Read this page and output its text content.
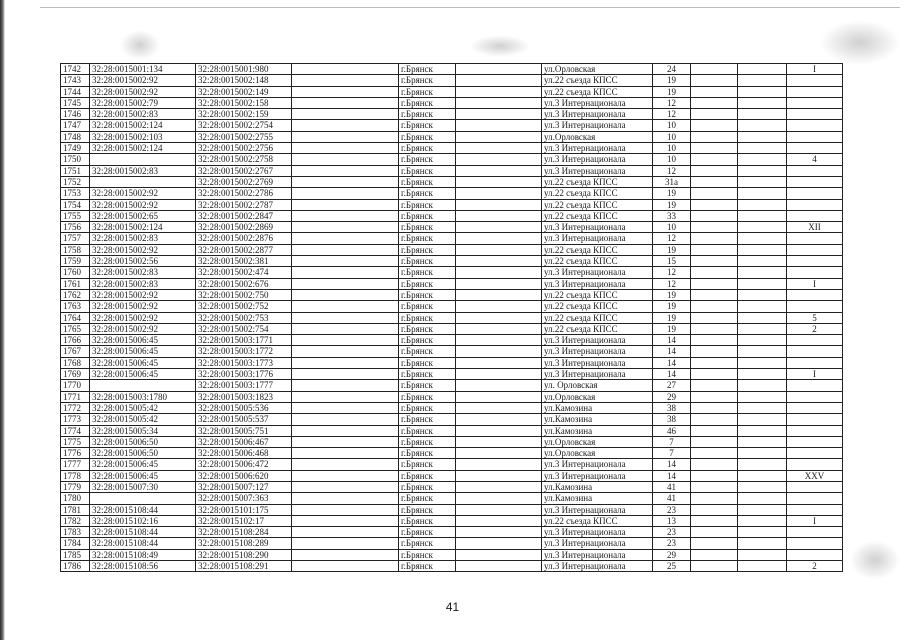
1742	32:28:0015001:134	32:28:0015001:980		г.Брянск		ул.Орловская	24			I
1743	32:28:0015002:92	32:28:0015002:148		г.Брянск		ул.22 съезда КПСС	19			
1744	32:28:0015002:92	32:28:0015002:149		г.Брянск		ул.22 съезда КПСС	19			
1745	32:28:0015002:79	32:28:0015002:158		г.Брянск		ул.3 Интернационала	12			
1746	32:28:0015002:83	32:28:0015002:159		г.Брянск		ул.3 Интернационала	12			
1747	32:28:0015002:124	32:28:0015002:2754		г.Брянск		ул.3 Интернационала	10			
1748	32:28:0015002:103	32:28:0015002:2755		г.Брянск		ул.Орловская	10			
1749	32:28:0015002:124	32:28:0015002:2756		г.Брянск		ул.3 Интернационала	10			
1750		32:28:0015002:2758		г.Брянск		ул.3 Интернационала	10			4
1751	32:28:0015002:83	32:28:0015002:2767		г.Брянск		ул.3 Интернационала	12			
1752		32:28:0015002:2769		г.Брянск		ул.22 съезда КПСС	31а			
1753	32:28:0015002:92	32:28:0015002:2786		г.Брянск		ул.22 съезда КПСС	19			
1754	32:28:0015002:92	32:28:0015002:2787		г.Брянск		ул.22 съезда КПСС	19			
1755	32:28:0015002:65	32:28:0015002:2847		г.Брянск		ул.22 съезда КПСС	33			
1756	32:28:0015002:124	32:28:0015002:2869		г.Брянск		ул.3 Интернационала	10			XII
1757	32:28:0015002:83	32:28:0015002:2876		г.Брянск		ул.3 Интернационала	12			
1758	32:28:0015002:92	32:28:0015002:2877		г.Брянск		ул.22 съезда КПСС	19			
1759	32:28:0015002:56	32:28:0015002:381		г.Брянск		ул.22 съезда КПСС	15			
1760	32:28:0015002:83	32:28:0015002:474		г.Брянск		ул.3 Интернационала	12			
1761	32:28:0015002:83	32:28:0015002:676		г.Брянск		ул.3 Интернационала	12			I
1762	32:28:0015002:92	32:28:0015002:750		г.Брянск		ул.22 съезда КПСС	19			
1763	32:28:0015002:92	32:28:0015002:752		г.Брянск		ул.22 съезда КПСС	19			
1764	32:28:0015002:92	32:28:0015002:753		г.Брянск		ул.22 съезда КПСС	19			5
1765	32:28:0015002:92	32:28:0015002:754		г.Брянск		ул.22 съезда КПСС	19			2
1766	32:28:0015006:45	32:28:0015003:1771		г.Брянск		ул.3 Интернационала	14			
1767	32:28:0015006:45	32:28:0015003:1772		г.Брянск		ул.3 Интернационала	14			
1768	32:28:0015006:45	32:28:0015003:1773		г.Брянск		ул.3 Интернационала	14			
1769	32:28:0015006:45	32:28:0015003:1776		г.Брянск		ул.3 Интернационала	14			I
1770		32:28:0015003:1777		г.Брянск		ул. Орловская	27			
1771	32:28:0015003:1780	32:28:0015003:1823		г.Брянск		ул.Орловская	29			
1772	32:28:0015005:42	32:28:0015005:536		г.Брянск		ул.Камозина	38			
1773	32:28:0015005:42	32:28:0015005:537		г.Брянск		ул.Камозина	38			
1774	32:28:0015005:34	32:28:0015005:751		г.Брянск		ул.Камозина	46			
1775	32:28:0015006:50	32:28:0015006:467		г.Брянск		ул.Орловская	7			
1776	32:28:0015006:50	32:28:0015006:468		г.Брянск		ул.Орловская	7			
1777	32:28:0015006:45	32:28:0015006:472		г.Брянск		ул.3 Интернационала	14			
1778	32:28:0015006:45	32:28:0015006:620		г.Брянск		ул.3 Интернационала	14			XXV
1779	32:28:0015007:30	32:28:0015007:127		г.Брянск		ул.Камозина	41			
1780		32:28:0015007:363		г.Брянск		ул.Камозина	41			
1781	32:28:0015108:44	32:28:0015101:175		г.Брянск		ул.3 Интернационала	23			
1782	32:28:0015102:16	32:28:0015102:17		г.Брянск		ул.22 съезда КПСС	13			I
1783	32:28:0015108:44	32:28:0015108:284		г.Брянск		ул.3 Интернационала	23			
1784	32:28:0015108:44	32:28:0015108:289		г.Брянск		ул.3 Интернационала	23			
1785	32:28:0015108:49	32:28:0015108:290		г.Брянск		ул.3 Интернационала	29			
1786	32:28:0015108:56	32:28:0015108:291		г.Брянск		ул.3 Интернационала	25			2
41
